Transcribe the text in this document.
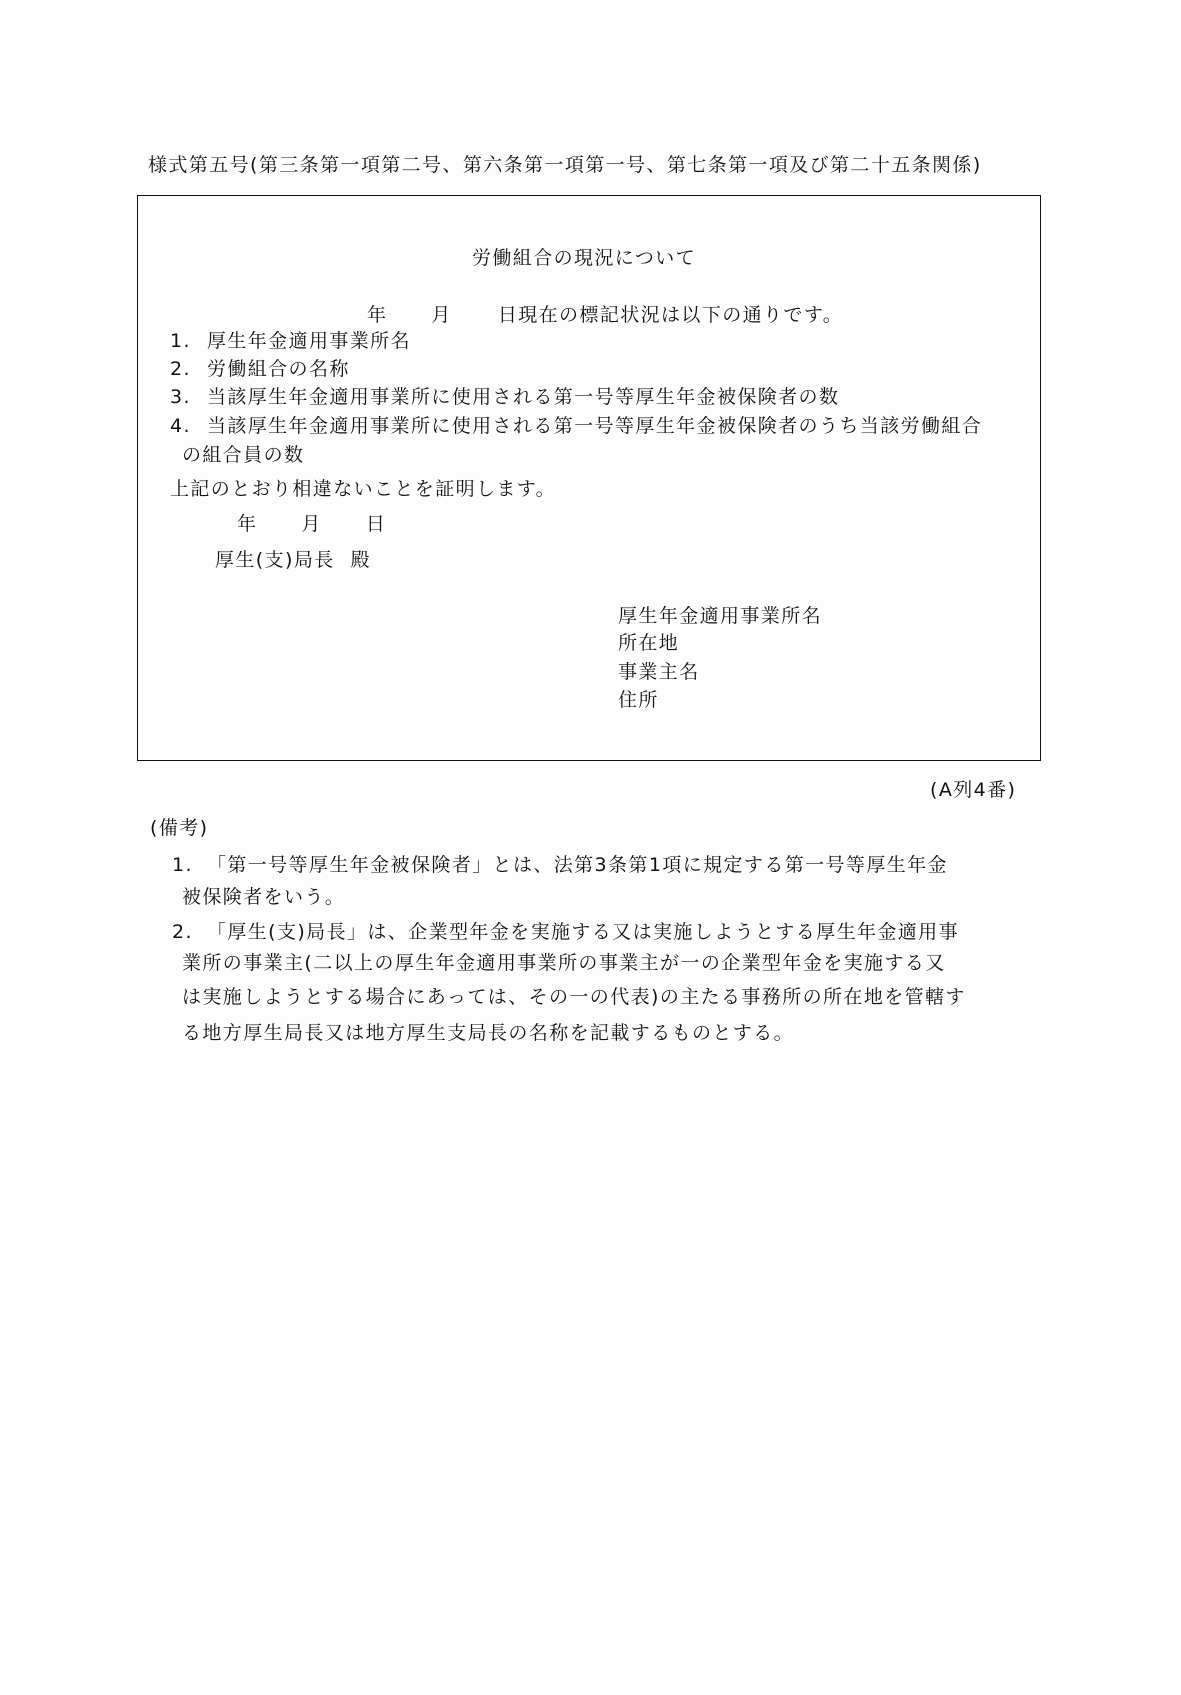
様式第五号(第三条第一項第二号、第六条第一項第一号、第七条第一項及び第二十五条関係)
労働組合の現況について
年 月 日現在の標記状況は以下の通りです。
1. 厚生年金適用事業所名
2. 労働組合の名称
3. 当該厚生年金適用事業所に使用される第一号等厚生年金被保険者の数
4. 当該厚生年金適用事業所に使用される第一号等厚生年金被保険者のうち当該労働組合
の組合員の数
上記のとおり相違ないことを証明します。
年 月 日
厚生(支)局長 殿
厚生年金適用事業所名
所在地
事業主名
住所
(A列4番)
(備考)
1. 「第一号等厚生年金被保険者」とは、法第3条第1項に規定する第一号等厚生年金
被保険者をいう。
2. 「厚生(支)局長」は、企業型年金を実施する又は実施しようとする厚生年金適用事
業所の事業主(二以上の厚生年金適用事業所の事業主が一の企業型年金を実施する又
は実施しようとする場合にあっては、その一の代表)の主たる事務所の所在地を管轄す
る地方厚生局長又は地方厚生支局長の名称を記載するものとする。
